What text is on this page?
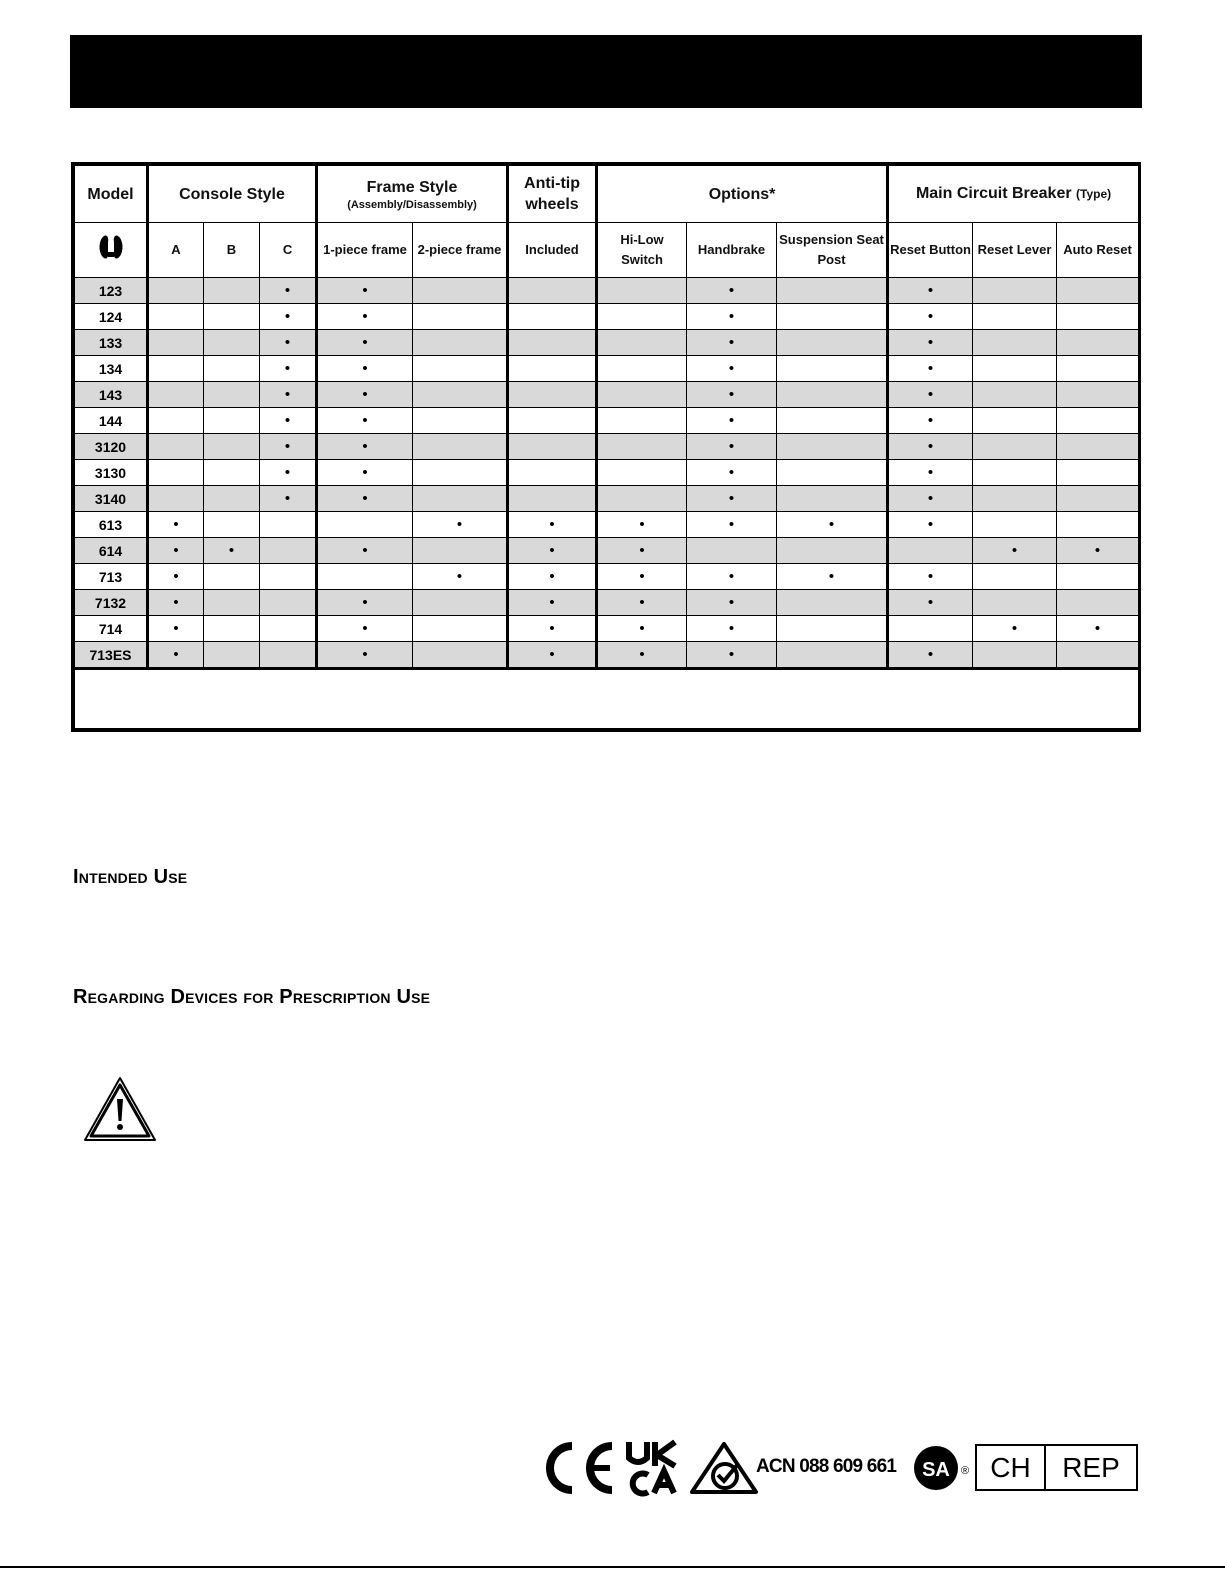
Model	Console Style			Frame Style
(Assembly/Disassembly)		Anti-tip wheels	Options*			Main Circuit Breaker (Type)		
	A	B	C	1-piece frame	2-piece frame	Included	Hi-Low Switch	Handbrake	Suspension Seat Post	Reset Button	Reset Lever	Auto Reset
123			•	•				•		•		
124			•	•				•		•		
133			•	•				•		•		
134			•	•				•		•		
143			•	•				•		•		
144			•	•				•		•		
3120			•	•				•		•		
3130			•	•				•		•		
3140			•	•				•		•		
613	•				•	•	•	•	•	•		
614	•	•		•		•	•				•	•
713	•				•	•	•	•	•	•		
7132	•			•		•	•	•		•		
714	•			•		•	•	•			•	•
713ES	•			•		•	•	•		•		

Intended Use
Regarding Devices for Prescription Use
SA ®
ACN 088 609 661	CH	REP
